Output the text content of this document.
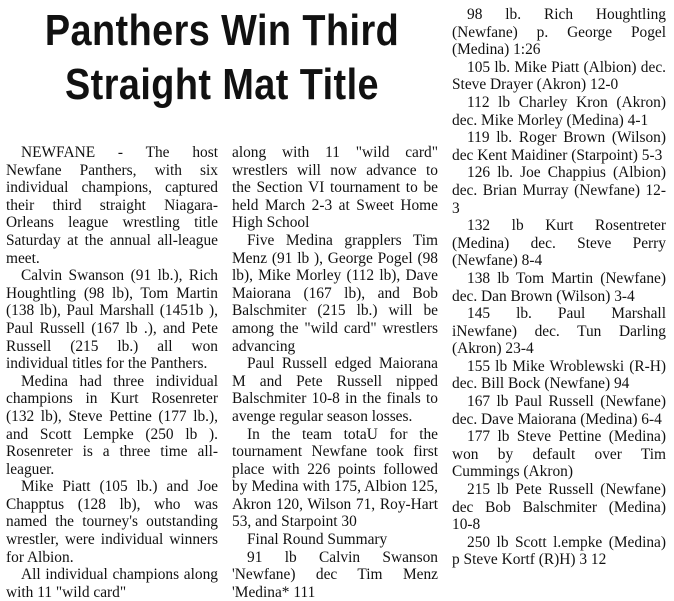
Panthers Win Third
Straight Mat Title

NEWFANE - The host Newfane Panthers, with six individual champions, captured their third straight Niagara-Orleans league wrestling title Saturday at the annual all-league meet.

Calvin Swanson (91 lb.), Rich Houghtling (98 lb), Tom Martin (138 lb), Paul Marshall (1451b ), Paul Russell (167 lb .), and Pete Russell (215 lb.) all won individual titles for the Panthers.

Medina had three individual champions in Kurt Rosenreter (132 lb), Steve Pettine (177 lb.), and Scott Lempke (250 lb ). Rosenreter is a three time all-leaguer.

Mike Piatt (105 lb.) and Joe Chapptus (128 lb), who was named the tourney's outstanding wrestler, were individual winners for Albion.

All individual champions along with 11 "wild card"

along with 11 "wild card" wrestlers will now advance to the Section VI tournament to be held March 2-3 at Sweet Home High School

Five Medina grapplers Tim Menz (91 lb ), George Pogel (98 lb), Mike Morley (112 lb), Dave Maiorana (167 lb), and Bob Balschmiter (215 lb.) will be among the "wild card" wrestlers advancing

Paul Russell edged Maiorana M and Pete Russell nipped Balschmiter 10-8 in the finals to avenge regular season losses.

In the team totaU for the tournament Newfane took first place with 226 points followed by Medina with 175, Albion 125, Akron 120, Wilson 71, Roy-Hart 53, and Starpoint 30

Final Round Summary

91 lb Calvin Swanson 'Newfane) dec Tim Menz 'Medina* 111

98 lb. Rich Houghtling (Newfane) p. George Pogel (Medina) 1:26

105 lb. Mike Piatt (Albion) dec. Steve Drayer (Akron) 12-0

112 lb Charley Kron (Akron) dec. Mike Morley (Medina) 4-1

119 lb. Roger Brown (Wilson) dec Kent Maidiner (Starpoint) 5-3

126 lb. Joe Chappius (Albion) dec. Brian Murray (Newfane) 12-3

132 lb Kurt Rosentreter (Medina) dec. Steve Perry (Newfane) 8-4

138 lb Tom Martin (Newfane) dec. Dan Brown (Wilson) 3-4

145 lb. Paul Marshall iNewfane) dec. Tun Darling (Akron) 23-4

155 lb Mike Wroblewski (R-H) dec. Bill Bock (Newfane) 94

167 lb Paul Russell (Newfane) dec. Dave Maiorana (Medina) 6-4

177 lb Steve Pettine (Medina) won by default over Tim Cummings (Akron)

215 lb Pete Russell (Newfane) dec Bob Balschmiter (Medina) 10-8

250 lb Scott l.empke (Medina) p Steve Kortf (R)H) 3 12
